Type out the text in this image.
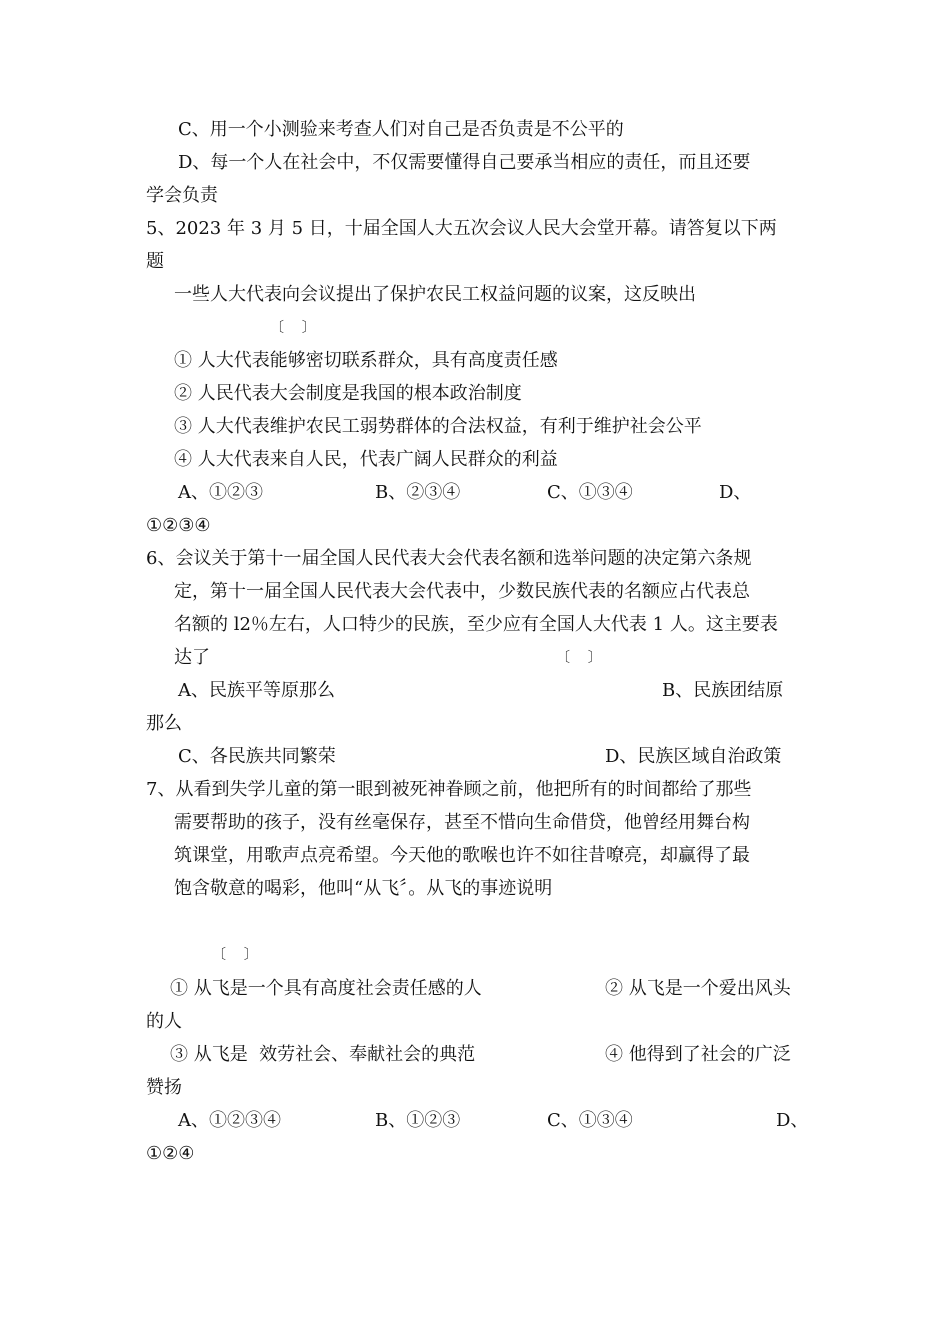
C、用一个小测验来考查人们对自己是否负责是不公平的
D、每一个人在社会中，不仅需要懂得自己要承当相应的责任，而且还要
学会负责
5、2023 年 3 月 5 日，十届全国人大五次会议人民大会堂开幕。请答复以下两
题
一些人大代表向会议提出了保护农民工权益问题的议案，这反映出
〔    〕
① 人大代表能够密切联系群众，具有高度责任感
② 人民代表大会制度是我国的根本政治制度
③ 人大代表维护农民工弱势群体的合法权益，有利于维护社会公平
④ 人大代表来自人民，代表广阔人民群众的利益
A、①②③	B、②③④	C、①③④	D、
①②③④
6、会议关于第十一届全国人民代表大会代表名额和选举问题的决定第六条规
定，第十一届全国人民代表大会代表中，少数民族代表的名额应占代表总
名额的 l2％左右，人口特少的民族，至少应有全国人大代表 1 人。这主要表
达了	〔    〕
A、民族平等原那么	B、民族团结原
那么
C、各民族共同繁荣	D、民族区域自治政策
7、从看到失学儿童的第一眼到被死神眷顾之前，他把所有的时间都给了那些
需要帮助的孩子，没有丝毫保存，甚至不惜向生命借贷，他曾经用舞台构
筑课堂，用歌声点亮希望。今天他的歌喉也许不如往昔嘹亮，却赢得了最
饱含敬意的喝彩，他叫“从飞〞。从飞的事迹说明
〔    〕
① 从飞是一个具有高度社会责任感的人	② 从飞是一个爱出风头
的人
③ 从飞是  效劳社会、奉献社会的典范	④ 他得到了社会的广泛
赞扬
A、①②③④	B、①②③	C、①③④	D、
①②④
